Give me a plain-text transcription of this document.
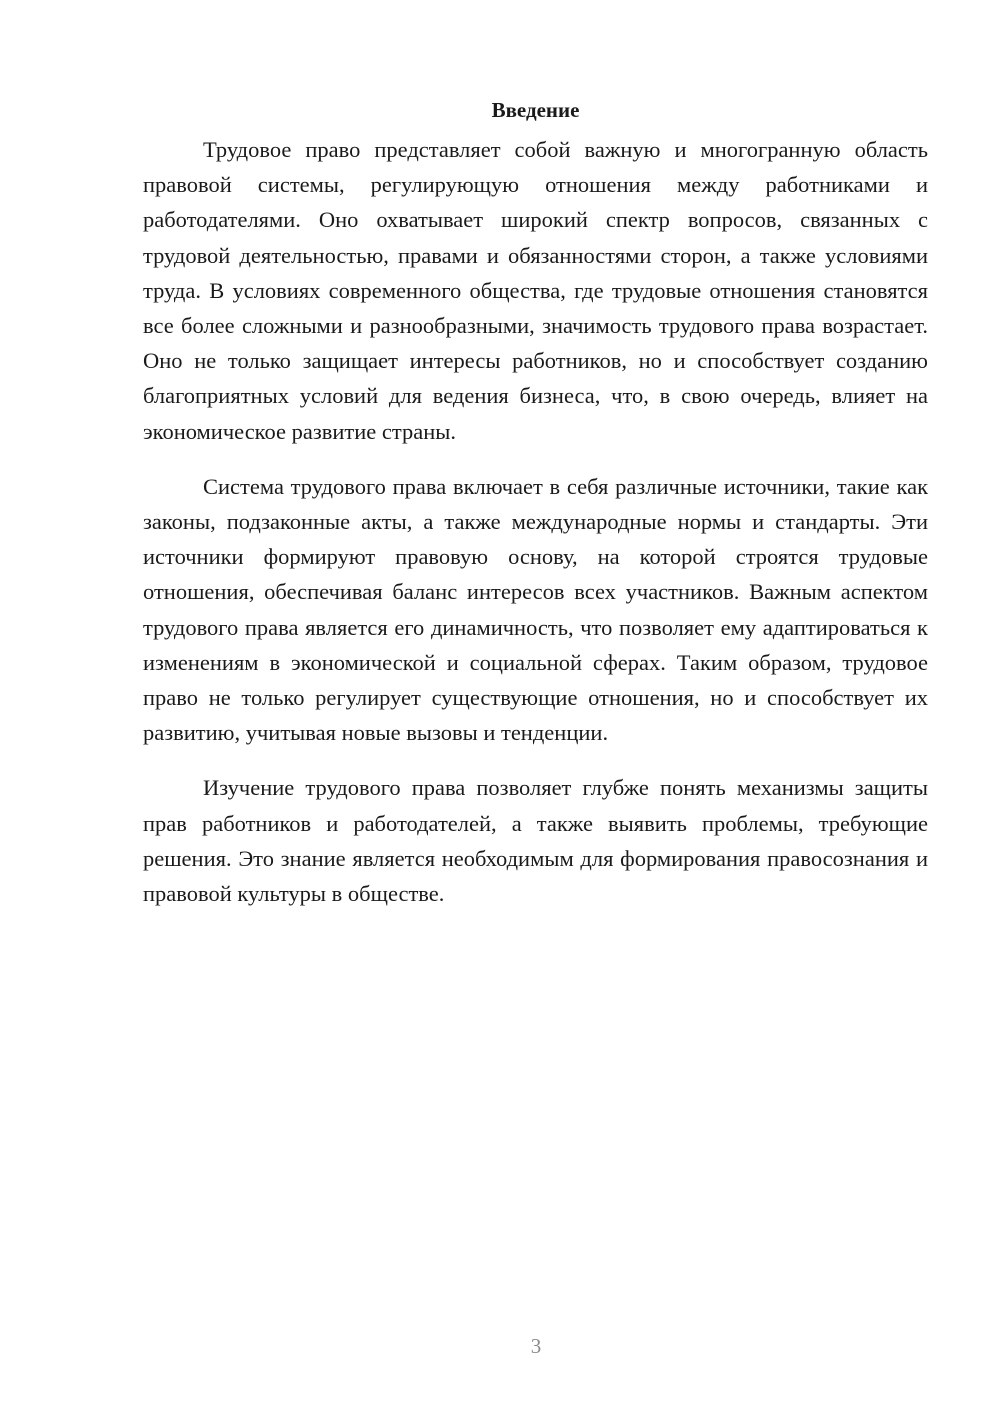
Введение

Трудовое право представляет собой важную и многогранную область правовой системы, регулирующую отношения между работниками и работодателями. Оно охватывает широкий спектр вопросов, связанных с трудовой деятельностью, правами и обязанностями сторон, а также условиями труда. В условиях современного общества, где трудовые отношения становятся все более сложными и разнообразными, значимость трудового права возрастает. Оно не только защищает интересы работников, но и способствует созданию благоприятных условий для ведения бизнеса, что, в свою очередь, влияет на экономическое развитие страны.

Система трудового права включает в себя различные источники, такие как законы, подзаконные акты, а также международные нормы и стандарты. Эти источники формируют правовую основу, на которой строятся трудовые отношения, обеспечивая баланс интересов всех участников. Важным аспектом трудового права является его динамичность, что позволяет ему адаптироваться к изменениям в экономической и социальной сферах. Таким образом, трудовое право не только регулирует существующие отношения, но и способствует их развитию, учитывая новые вызовы и тенденции.

Изучение трудового права позволяет глубже понять механизмы защиты прав работников и работодателей, а также выявить проблемы, требующие решения. Это знание является необходимым для формирования правосознания и правовой культуры в обществе.

3
